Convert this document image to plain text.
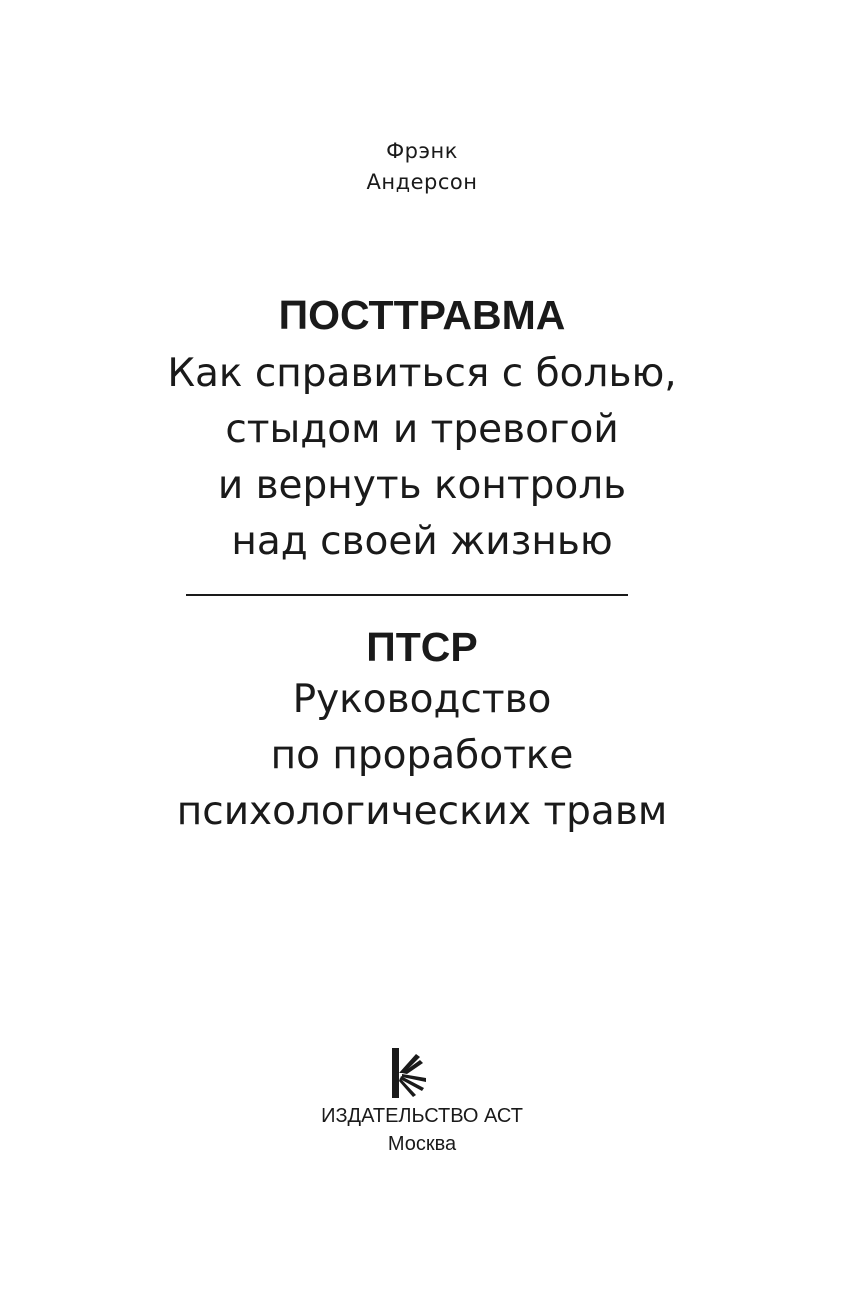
Фрэнк
Андерсон
ПОСТТРАВМА
Как справиться с болью,
стыдом и тревогой
и вернуть контроль
над своей жизнью
ПТСР
Руководство
по проработке
психологических травм
ИЗДАТЕЛЬСТВО АСТ
Москва
